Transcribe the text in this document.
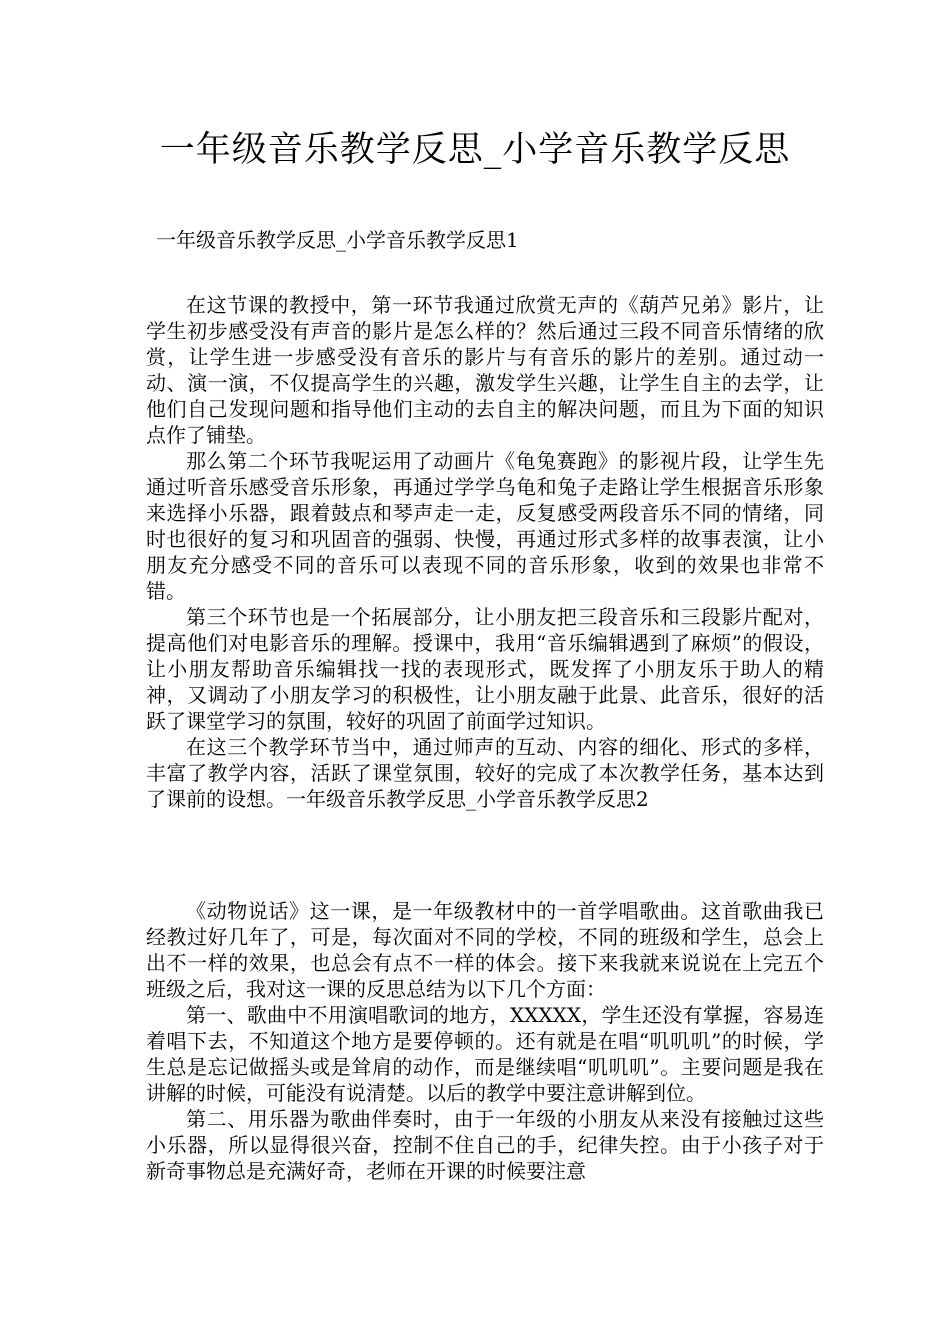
一年级音乐教学反思_小学音乐教学反思
一年级音乐教学反思_小学音乐教学反思1

在这节课的教授中，第一环节我通过欣赏无声的《葫芦兄弟》影片，让学生初步感受没有声音的影片是怎么样的？然后通过三段不同音乐情绪的欣赏，让学生进一步感受没有音乐的影片与有音乐的影片的差别。通过动一动、演一演，不仅提高学生的兴趣，激发学生兴趣，让学生自主的去学，让他们自己发现问题和指导他们主动的去自主的解决问题，而且为下面的知识点作了铺垫。

那么第二个环节我呢运用了动画片《龟兔赛跑》的影视片段，让学生先通过听音乐感受音乐形象，再通过学学乌龟和兔子走路让学生根据音乐形象来选择小乐器，跟着鼓点和琴声走一走，反复感受两段音乐不同的情绪，同时也很好的复习和巩固音的强弱、快慢，再通过形式多样的故事表演，让小朋友充分感受不同的音乐可以表现不同的音乐形象，收到的效果也非常不错。

第三个环节也是一个拓展部分，让小朋友把三段音乐和三段影片配对，提高他们对电影音乐的理解。授课中，我用“音乐编辑遇到了麻烦”的假设，让小朋友帮助音乐编辑找一找的表现形式，既发挥了小朋友乐于助人的精神，又调动了小朋友学习的积极性，让小朋友融于此景、此音乐，很好的活跃了课堂学习的氛围，较好的巩固了前面学过知识。

在这三个教学环节当中，通过师声的互动、内容的细化、形式的多样，丰富了教学内容，活跃了课堂氛围，较好的完成了本次教学任务，基本达到了课前的设想。一年级音乐教学反思_小学音乐教学反思2

《动物说话》这一课，是一年级教材中的一首学唱歌曲。这首歌曲我已经教过好几年了，可是，每次面对不同的学校，不同的班级和学生，总会上出不一样的效果，也总会有点不一样的体会。接下来我就来说说在上完五个班级之后，我对这一课的反思总结为以下几个方面：

第一、歌曲中不用演唱歌词的地方，XXXXX，学生还没有掌握，容易连着唱下去，不知道这个地方是要停顿的。还有就是在唱“叽叽叽”的时候，学生总是忘记做摇头或是耸肩的动作，而是继续唱“叽叽叽”。主要问题是我在讲解的时候，可能没有说清楚。以后的教学中要注意讲解到位。

第二、用乐器为歌曲伴奏时，由于一年级的小朋友从来没有接触过这些小乐器，所以显得很兴奋，控制不住自己的手，纪律失控。由于小孩子对于新奇事物总是充满好奇，老师在开课的时候要注意
